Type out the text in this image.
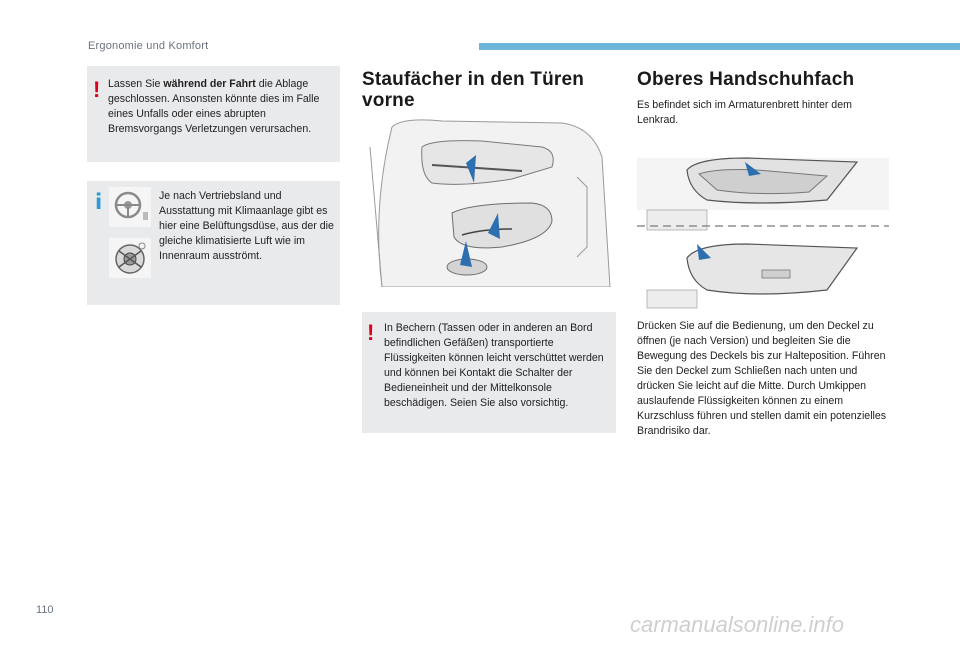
Ergonomie und Komfort
! Lassen Sie während der Fahrt die Ablage geschlossen. Ansonsten könnte dies im Falle eines Unfalls oder eines abrupten Bremsvorgangs Verletzungen verursachen.
i	Je nach Vertriebsland und Ausstattung mit Klimaanlage gibt es hier eine Belüftungsdüse, aus der die gleiche klimatisierte Luft wie im Innenraum ausströmt.
Staufächer in den Türen vorne
! In Bechern (Tassen oder in anderen an Bord befindlichen Gefäßen) transportierte Flüssigkeiten können leicht verschüttet werden und können bei Kontakt die Schalter der Bedieneinheit und der Mittelkonsole beschädigen. Seien Sie also vorsichtig.
Oberes Handschuhfach
Es befindet sich im Armaturenbrett hinter dem Lenkrad.
Drücken Sie auf die Bedienung, um den Deckel zu öffnen (je nach Version) und begleiten Sie die Bewegung des Deckels bis zur Halteposition. Führen Sie den Deckel zum Schließen nach unten und drücken Sie leicht auf die Mitte. Durch Umkippen auslaufende Flüssigkeiten können zu einem Kurzschluss führen und stellen damit ein potenzielles Brandrisiko dar.
110
carmanualsonline.info
